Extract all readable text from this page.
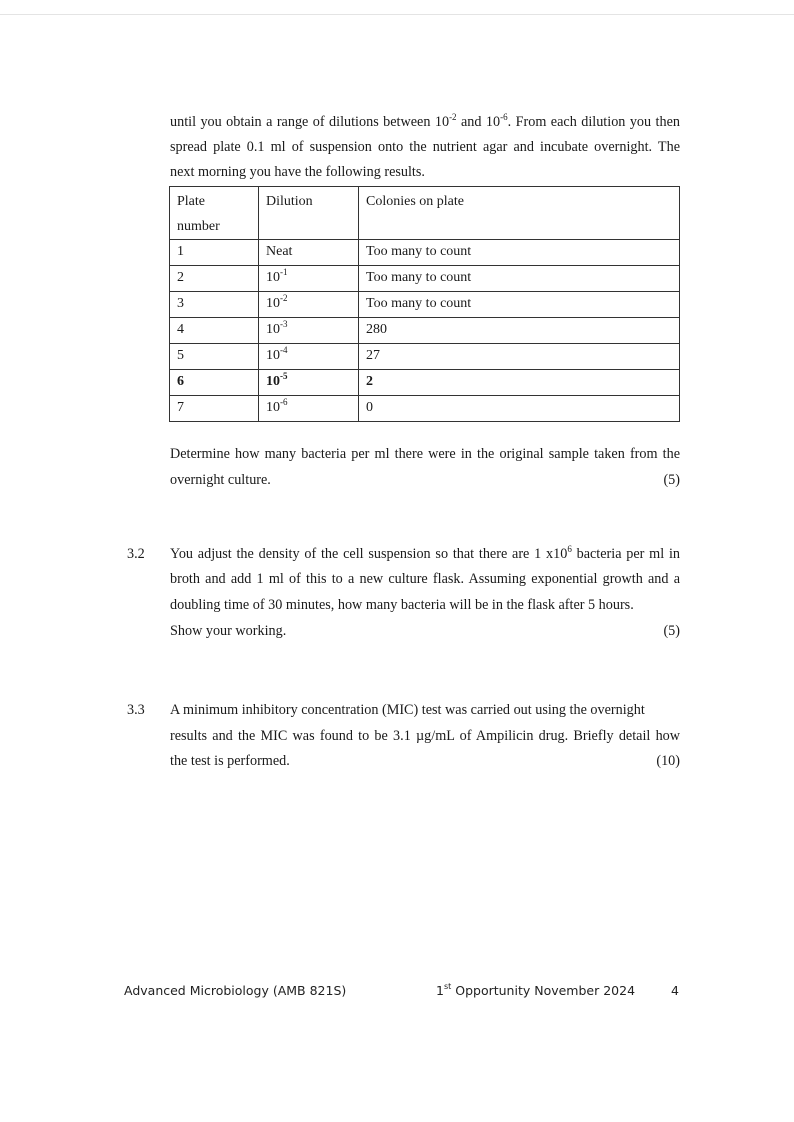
until you obtain a range of dilutions between $10^{-2}$ and $10^{-6}$. From each dilution you then
spread plate 0.1 ml of suspension onto the nutrient agar and incubate overnight. The
next morning you have the following results.
Plate
number	Dilution	Colonies on plate
1	Neat	Too many to count
2	$10^{-1}$	Too many to count
3	$10^{-2}$	Too many to count
4	$10^{-3}$	280
5	$10^{-4}$	27
6	$10^{-5}$	2
7	$10^{-6}$	0
Determine how many bacteria per ml there were in the original sample taken from the
overnight culture.	(5)
3.2 You adjust the density of the cell suspension so that there are 1 $x10^6$ bacteria per ml in
broth and add 1 ml of this to a new culture flask. Assuming exponential growth and a
doubling time of 30 minutes, how many bacteria will be in the flask after 5 hours.
Show your working.	(5)
3.3 A minimum inhibitory concentration (MIC) test was carried out using the overnight
results and the MIC was found to be 3.1 µg/mL of Ampilicin drug. Briefly detail how
the test is performed.	(10)
Advanced Microbiology (AMB 821S)	1st Opportunity November 2024	4
